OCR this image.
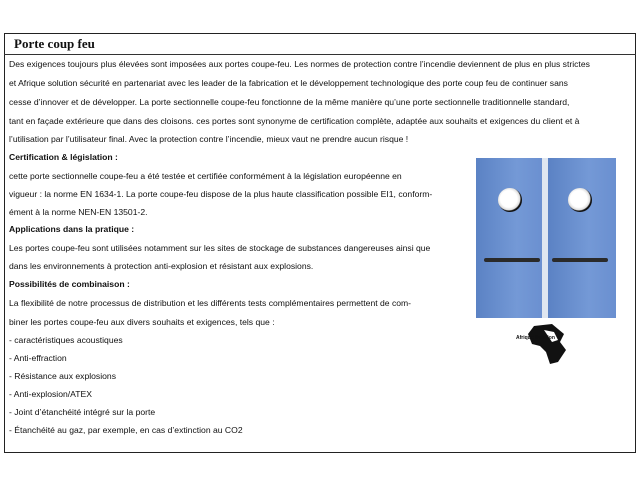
Porte coup feu
Des exigences toujours plus élevées sont imposées aux portes coupe-feu. Les normes de protection contre l’incendie deviennent de plus en plus strictes
et Afrique solution sécurité en partenariat avec les leader de la fabrication et le développement technologique des porte coup feu de continuer sans
cesse d’innover et de développer. La porte sectionnelle coupe-feu fonctionne de la même manière qu’une porte sectionnelle traditionnelle standard,
tant en façade extérieure que dans des cloisons. ces portes sont synonyme de certification complète, adaptée aux souhaits et exigences du client et à
l’utilisation par l’utilisateur final. Avec la protection contre l’incendie, mieux vaut ne prendre aucun risque !
Certification & législation :
cette porte sectionnelle coupe-feu a été testée et certifiée conformément à la législation européenne en
vigueur : la norme EN 1634-1. La porte coupe-feu dispose de la plus haute classification possible EI1, conform-
ément à la norme NEN-EN 13501-2.
Applications dans la pratique :
Les portes coupe-feu sont utilisées notamment sur les sites de stockage de substances dangereuses ainsi que
dans les environnements à protection anti-explosion et résistant aux explosions.
Possibilités de combinaison :
La flexibilité de notre processus de distribution et les différents tests complémentaires permettent de com-
biner les portes coupe-feu aux divers souhaits et exigences, tels que :
- caractéristiques acoustiques
- Anti-effraction
- Résistance aux explosions
- Anti-explosion/ATEX
- Joint d’étanchéité intégré sur la porte
- Étanchéité au gaz, par exemple, en cas d’extinction au CO2
Afrique Solution
